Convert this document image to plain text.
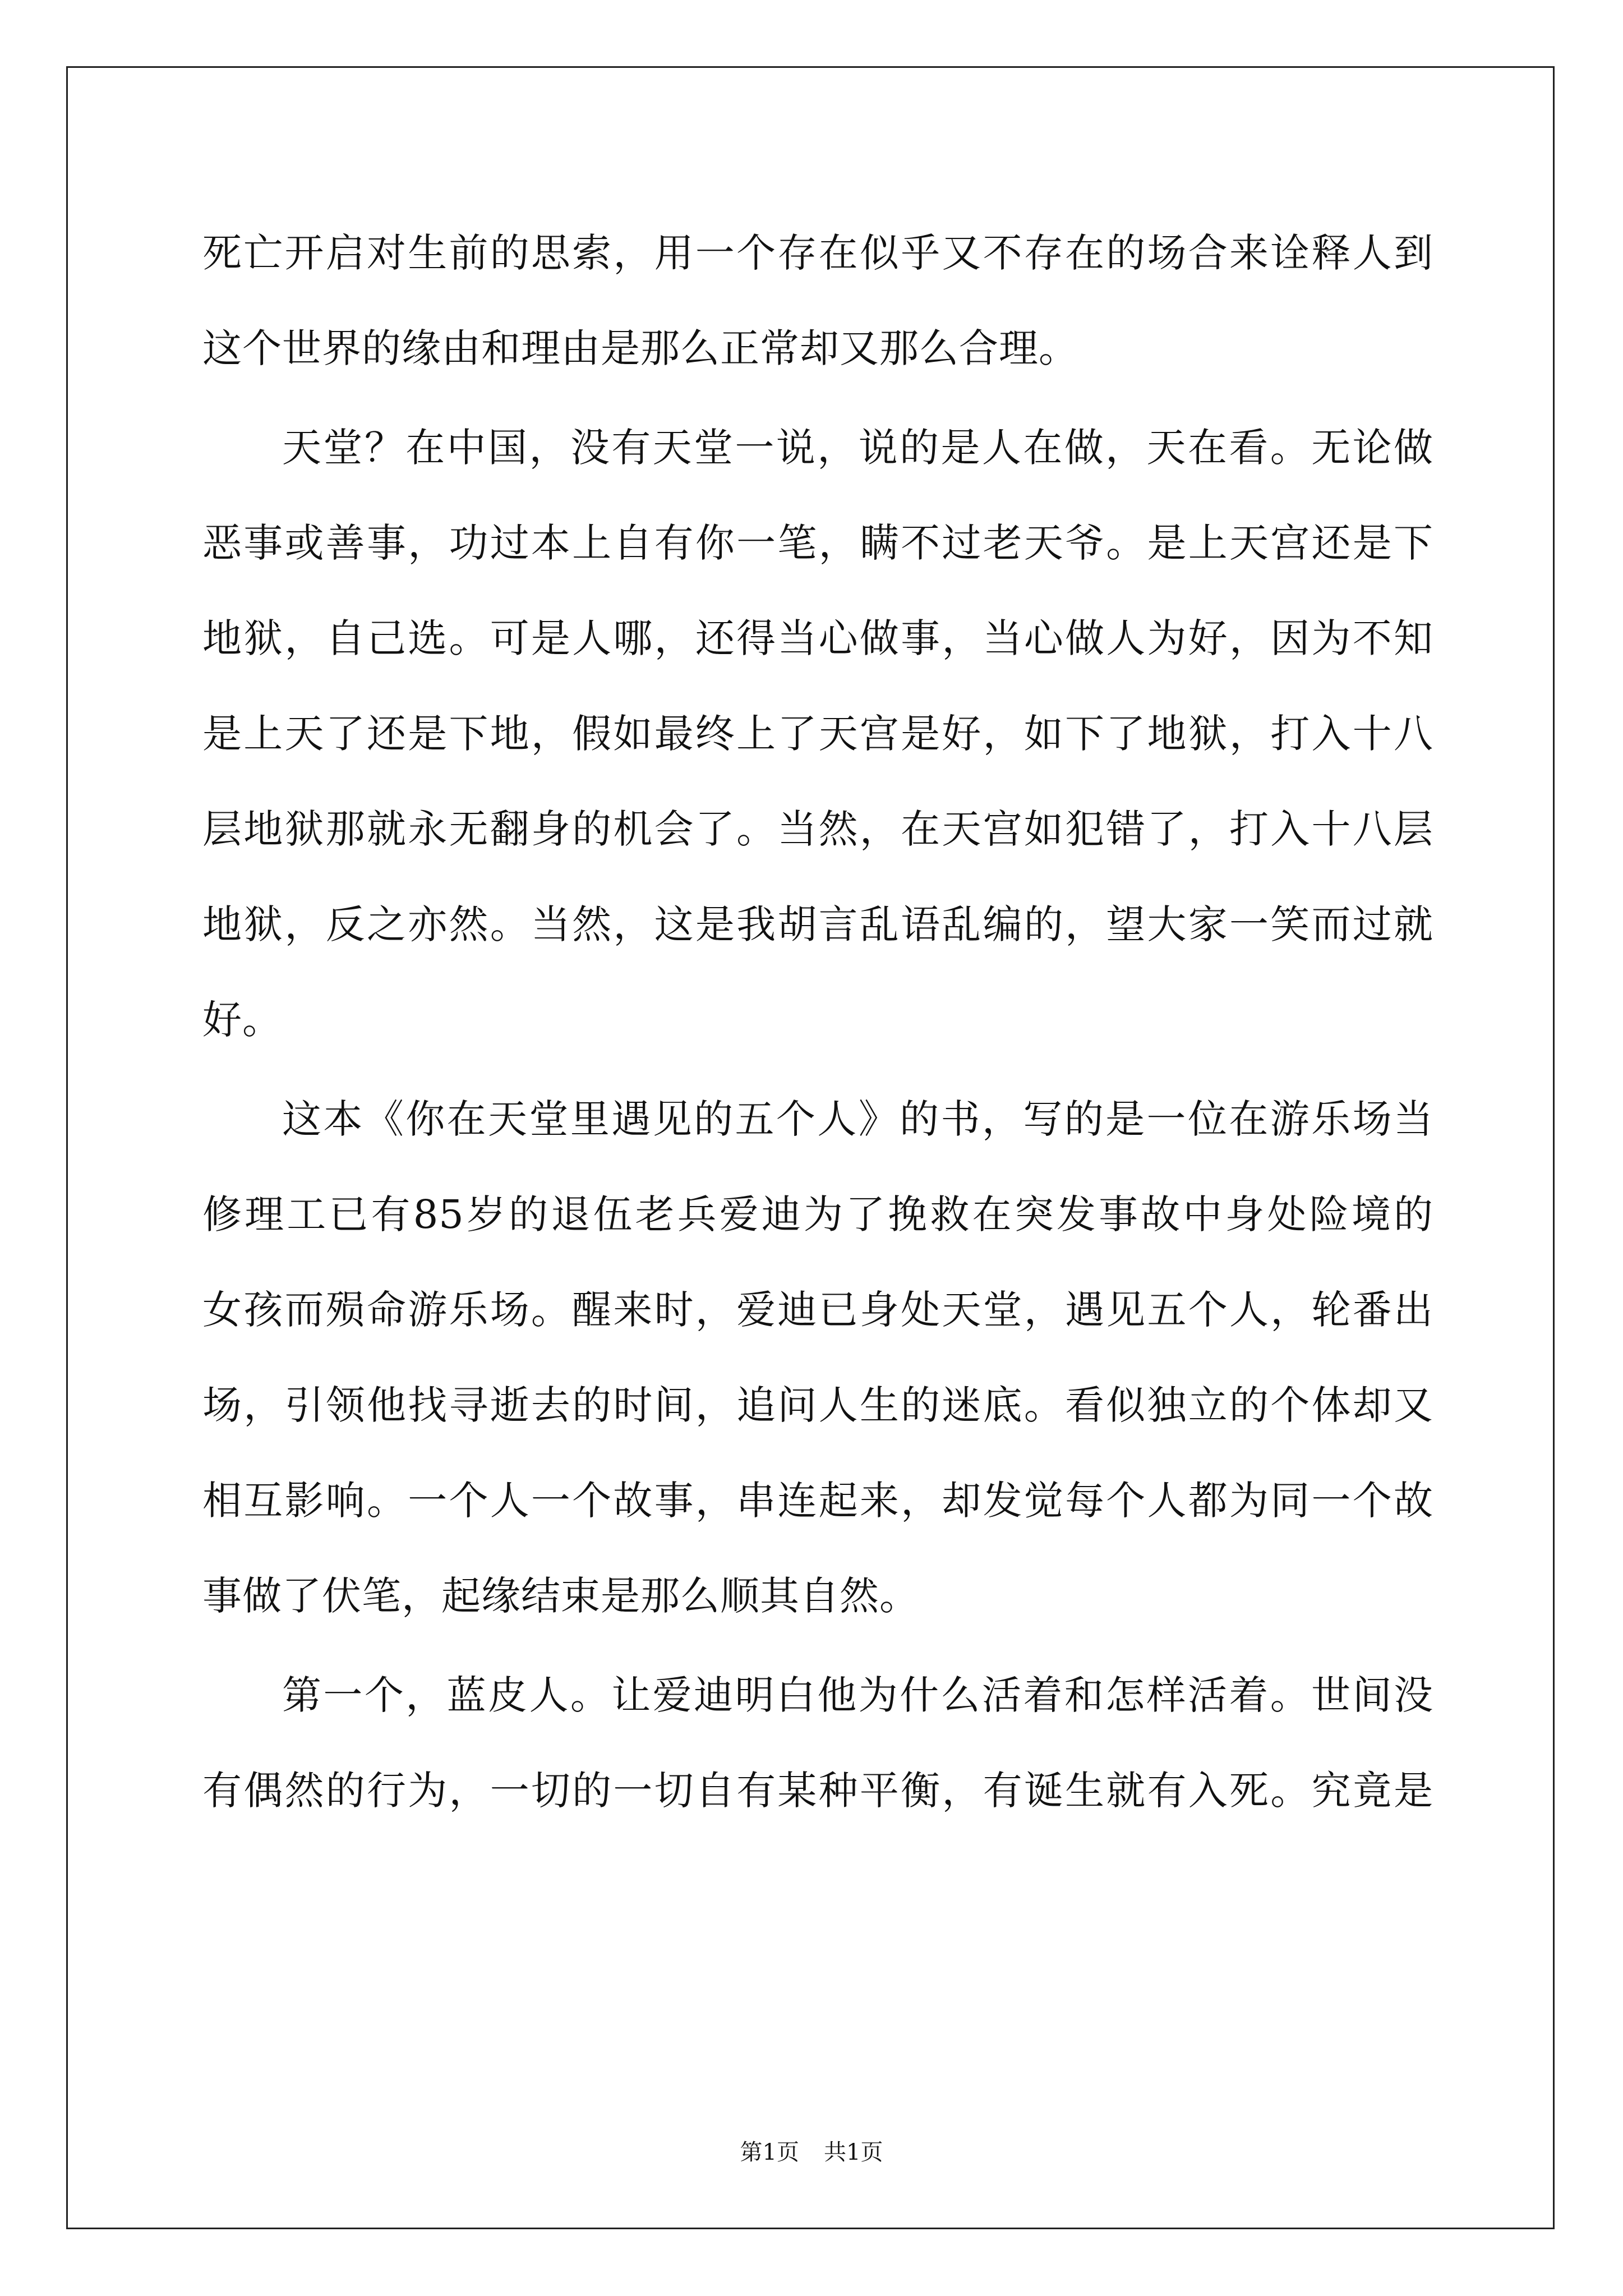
死亡开启对生前的思索，用一个存在似乎又不存在的场合来诠释人到
这个世界的缘由和理由是那么正常却又那么合理。
天堂？在中国，没有天堂一说，说的是人在做，天在看。无论做
恶事或善事，功过本上自有你一笔，瞒不过老天爷。是上天宫还是下
地狱，自己选。可是人哪，还得当心做事，当心做人为好，因为不知
是上天了还是下地，假如最终上了天宫是好，如下了地狱，打入十八
层地狱那就永无翻身的机会了。当然，在天宫如犯错了，打入十八层
地狱，反之亦然。当然，这是我胡言乱语乱编的，望大家一笑而过就
好。
这本《你在天堂里遇见的五个人》的书，写的是一位在游乐场当
修理工已有85岁的退伍老兵爱迪为了挽救在突发事故中身处险境的
女孩而殒命游乐场。醒来时，爱迪已身处天堂，遇见五个人，轮番出
场，引领他找寻逝去的时间，追问人生的迷底。看似独立的个体却又
相互影响。一个人一个故事，串连起来，却发觉每个人都为同一个故
事做了伏笔，起缘结束是那么顺其自然。
第一个，蓝皮人。让爱迪明白他为什么活着和怎样活着。世间没
有偶然的行为，一切的一切自有某种平衡，有诞生就有入死。究竟是
第1页 共1页
